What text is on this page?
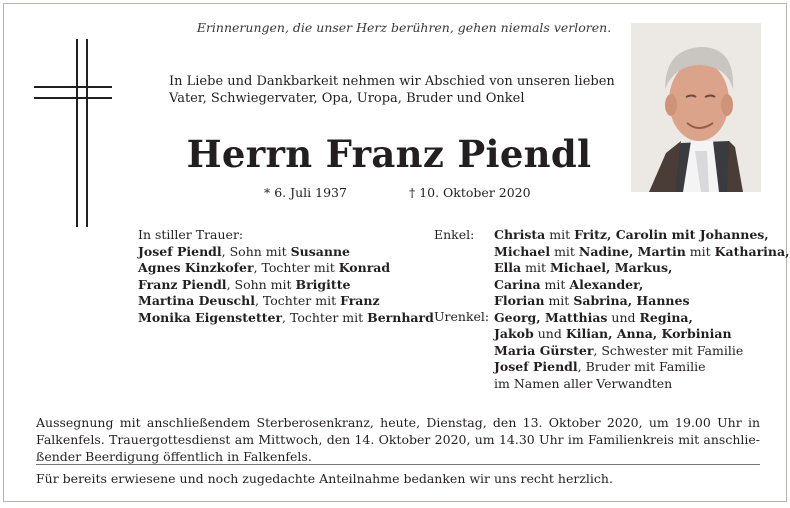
Erinnerungen, die unser Herz berühren, gehen niemals verloren.
In Liebe und Dankbarkeit nehmen wir Abschied von unseren lieben
Vater, Schwiegervater, Opa, Uropa, Bruder und Onkel
Herrn Franz Piendl
* 6. Juli 1937	† 10. Oktober 2020
In stiller Trauer:
Josef Piendl, Sohn mit Susanne
Agnes Kinzkofer, Tochter mit Konrad
Franz Piendl, Sohn mit Brigitte
Martina Deuschl, Tochter mit Franz
Monika Eigenstetter, Tochter mit Bernhard
Enkel:
Urenkel:
Christa mit Fritz, Carolin mit Johannes,
Michael mit Nadine, Martin mit Katharina,
Ella mit Michael, Markus,
Carina mit Alexander,
Florian mit Sabrina, Hannes
Georg, Matthias und Regina,
Jakob und Kilian, Anna, Korbinian
Maria Gürster, Schwester mit Familie
Josef Piendl, Bruder mit Familie
im Namen aller Verwandten
Aussegnung mit anschließendem Sterberosenkranz, heute, Dienstag, den 13. Oktober 2020, um 19.00 Uhr in
Falkenfels. Trauergottesdienst am Mittwoch, den 14. Oktober 2020, um 14.30 Uhr im Familienkreis mit anschlie-
ßender Beerdigung öffentlich in Falkenfels.
Für bereits erwiesene und noch zugedachte Anteilnahme bedanken wir uns recht herzlich.
